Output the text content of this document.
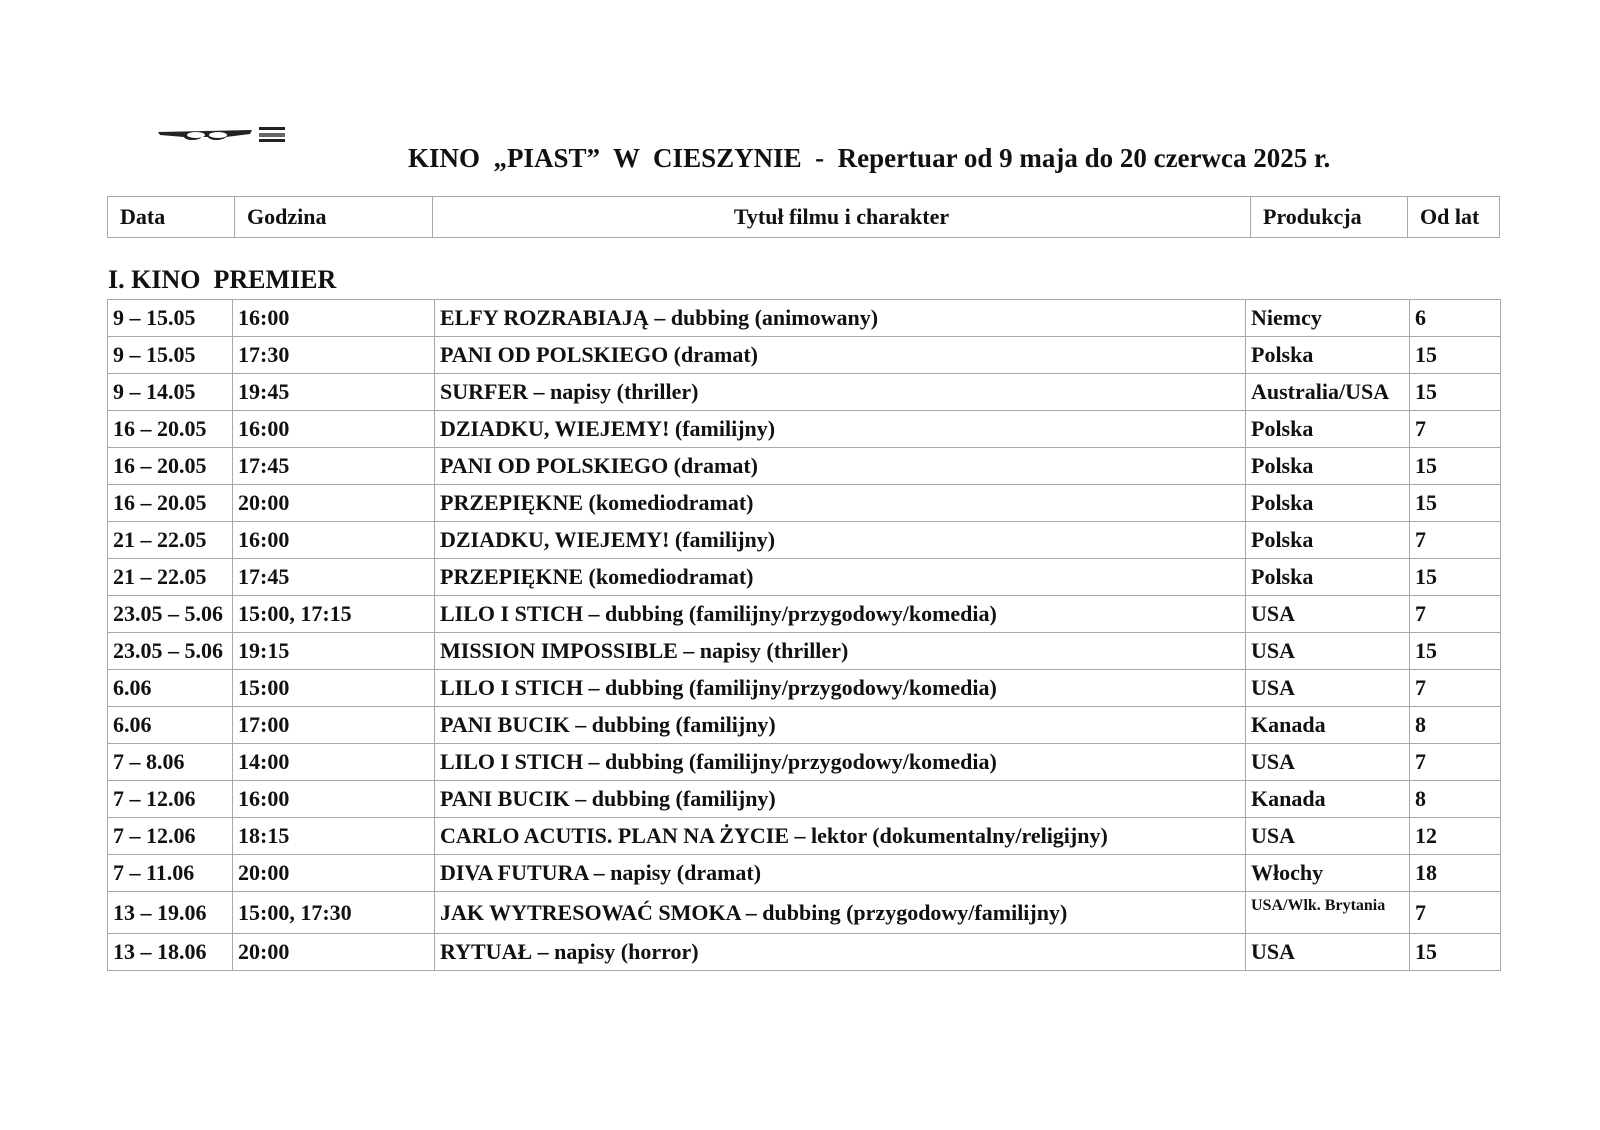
KINO  „PIAST”  W  CIESZYNIE  -  Repertuar od 9 maja do 20 czerwca 2025 r.
Data	Godzina	Tytuł filmu i charakter	Produkcja	Od lat
I. KINO  PREMIER
9 – 15.05	16:00	ELFY ROZRABIAJĄ – dubbing (animowany)	Niemcy	6
9 – 15.05	17:30	PANI OD POLSKIEGO (dramat)	Polska	15
9 – 14.05	19:45	SURFER – napisy (thriller)	Australia/USA	15
16 – 20.05	16:00	DZIADKU, WIEJEMY! (familijny)	Polska	7
16 – 20.05	17:45	PANI OD POLSKIEGO (dramat)	Polska	15
16 – 20.05	20:00	PRZEPIĘKNE (komediodramat)	Polska	15
21 – 22.05	16:00	DZIADKU, WIEJEMY! (familijny)	Polska	7
21 – 22.05	17:45	PRZEPIĘKNE (komediodramat)	Polska	15
23.05 – 5.06	15:00, 17:15	LILO I STICH – dubbing (familijny/przygodowy/komedia)	USA	7
23.05 – 5.06	19:15	MISSION IMPOSSIBLE – napisy (thriller)	USA	15
6.06	15:00	LILO I STICH – dubbing (familijny/przygodowy/komedia)	USA	7
6.06	17:00	PANI BUCIK – dubbing (familijny)	Kanada	8
7 – 8.06	14:00	LILO I STICH – dubbing (familijny/przygodowy/komedia)	USA	7
7 – 12.06	16:00	PANI BUCIK – dubbing (familijny)	Kanada	8
7 – 12.06	18:15	CARLO ACUTIS. PLAN NA ŻYCIE – lektor (dokumentalny/religijny)	USA	12
7 – 11.06	20:00	DIVA FUTURA – napisy (dramat)	Włochy	18
13 – 19.06	15:00, 17:30	JAK WYTRESOWAĆ SMOKA – dubbing (przygodowy/familijny)	USA/Wlk. Brytania	7
13 – 18.06	20:00	RYTUAŁ – napisy (horror)	USA	15
